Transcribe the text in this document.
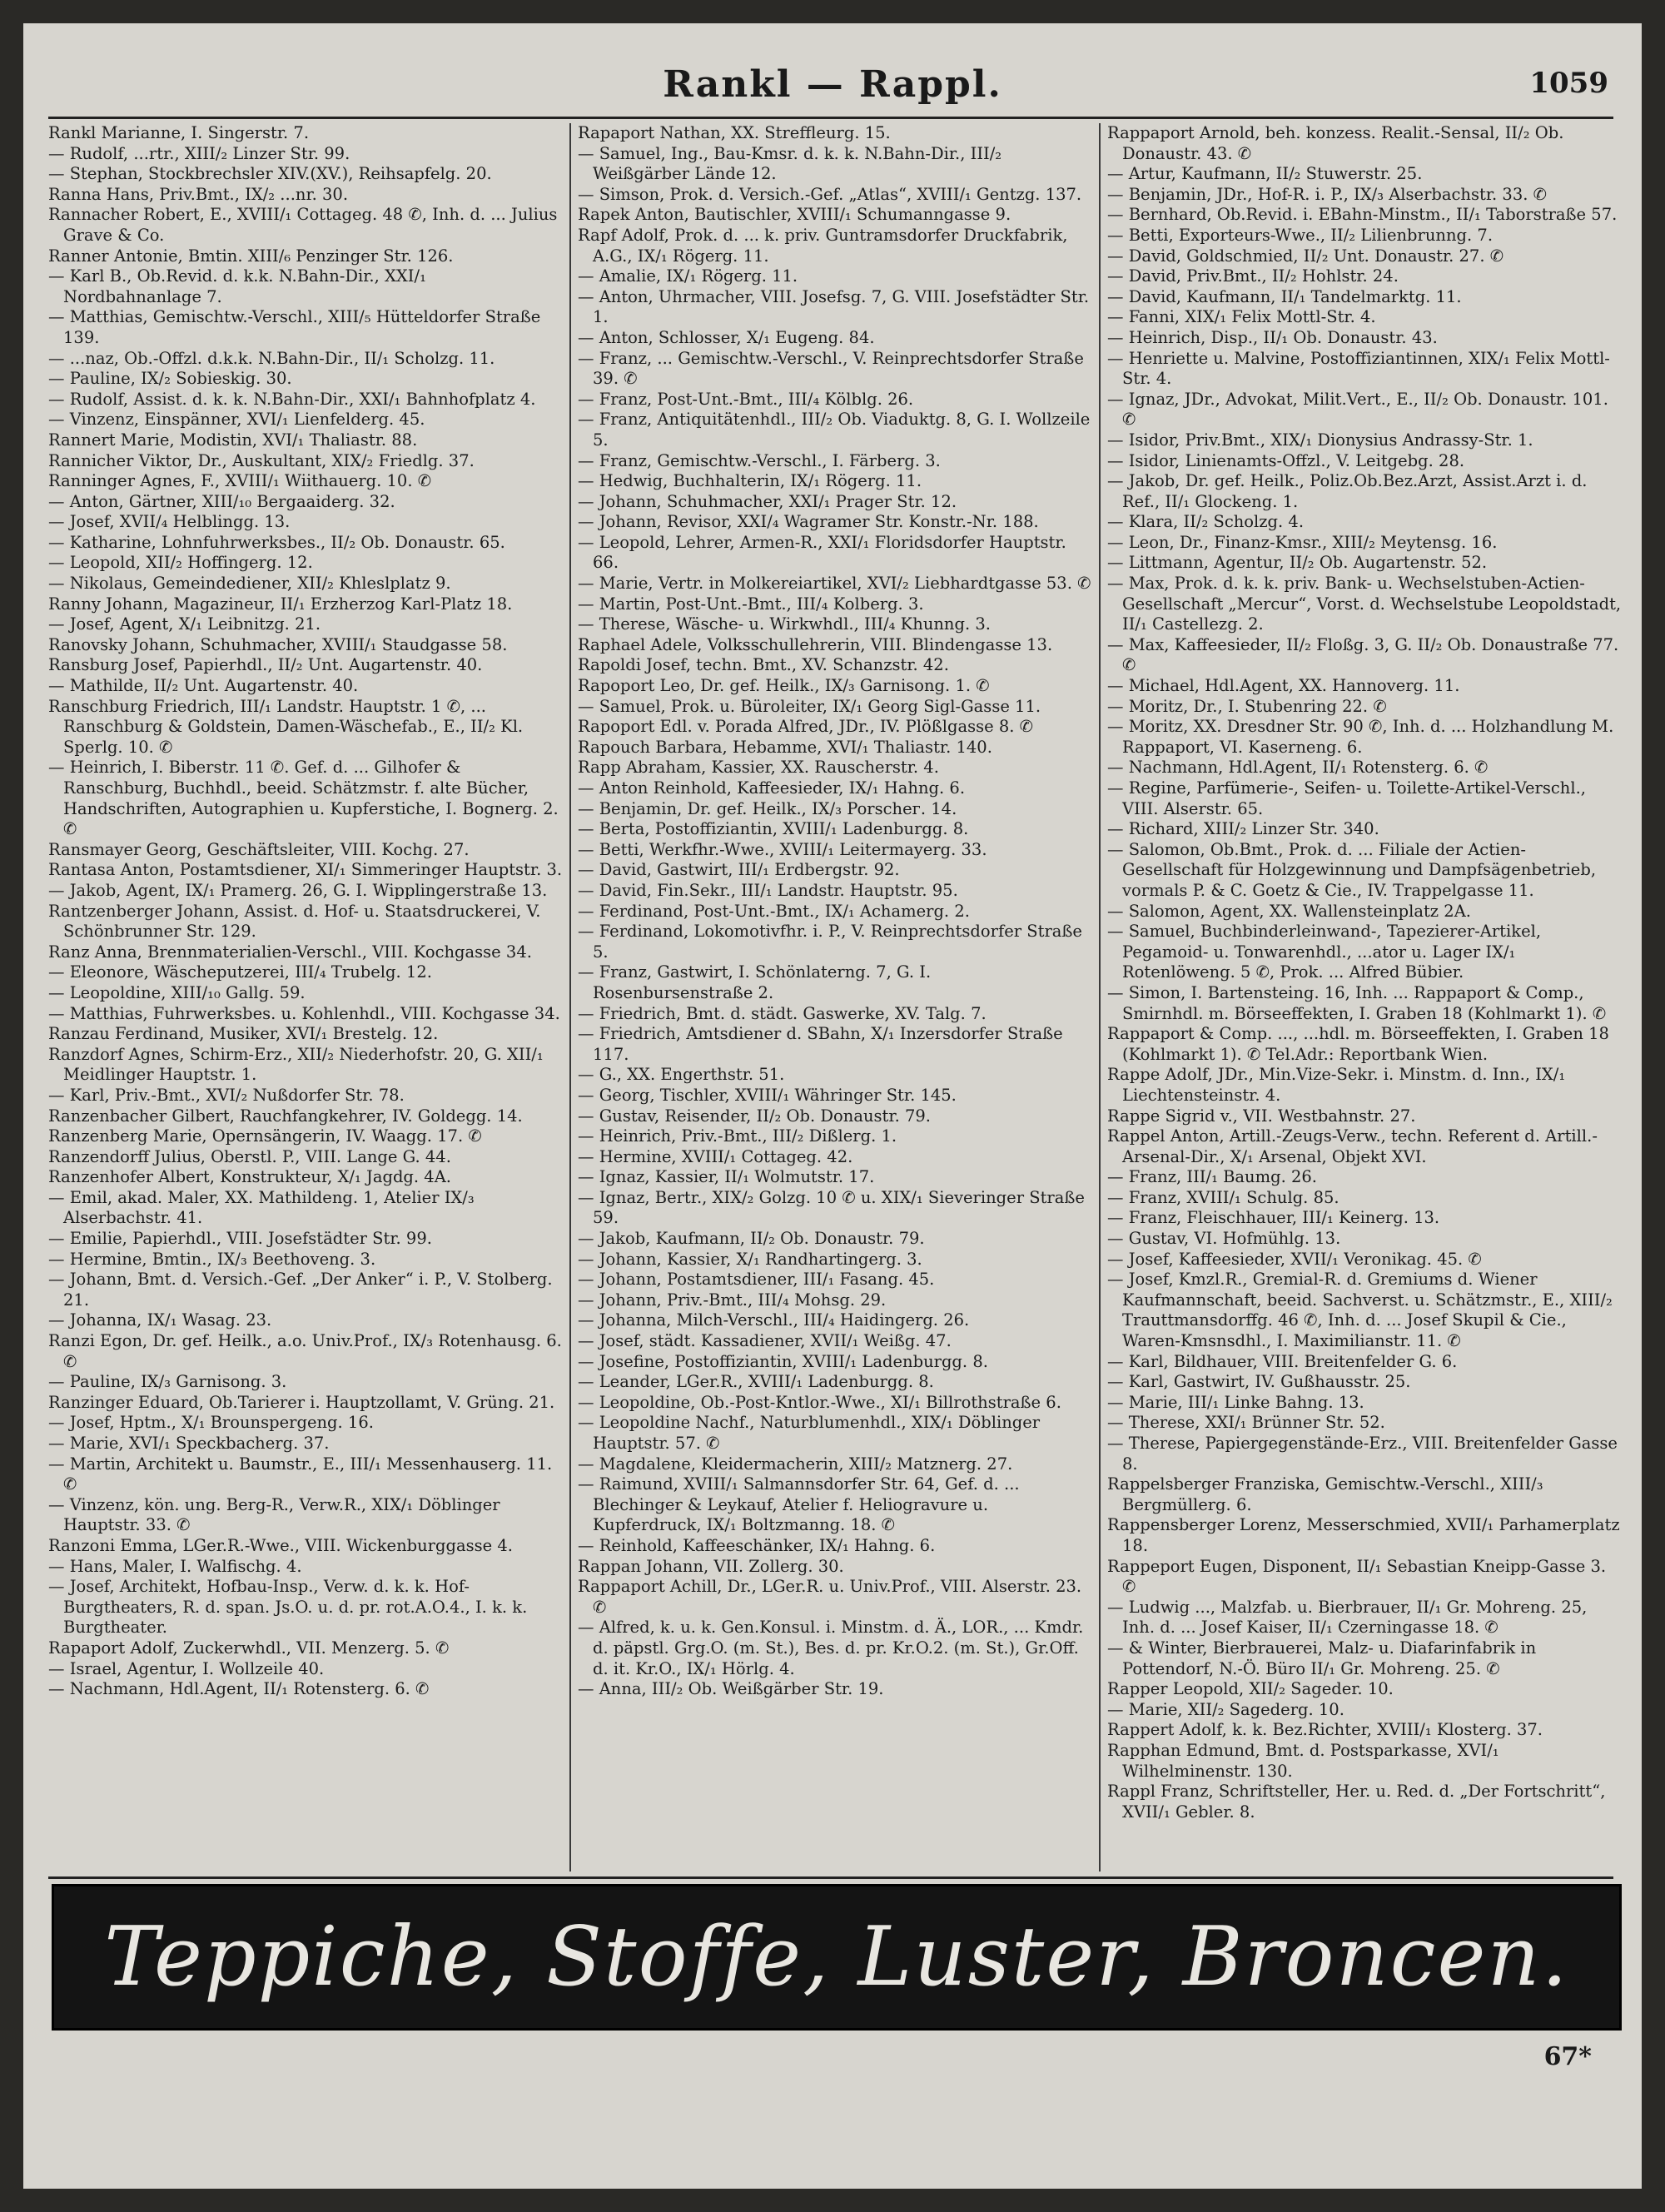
Rankl — Rappl.	1059
Rankl Marianne, I. Singerstr. 7.
— Rudolf, ...rtr., XIII/₂ Linzer Str. 99.
— Stephan, Stockbrechsler XIV.(XV.), Reihsapfelg. 20.
Ranna Hans, Priv.Bmt., IX/₂ ...nr. 30.
Rannacher Robert, E., XVIII/₁ Cottageg. 48 ✆, Inh. d. ... Julius Grave & Co.
Ranner Antonie, Bmtin. XIII/₆ Penzinger Str. 126.
— Karl B., Ob.Revid. d. k.k. N.Bahn-Dir., XXI/₁ Nordbahnanlage 7.
— Matthias, Gemischtw.-Verschl., XIII/₅ Hütteldorfer Straße 139.
— ...naz, Ob.-Offzl. d.k.k. N.Bahn-Dir., II/₁ Scholzg. 11.
— Pauline, IX/₂ Sobieskig. 30.
— Rudolf, Assist. d. k. k. N.Bahn-Dir., XXI/₁ Bahnhofplatz 4.
— Vinzenz, Einspänner, XVI/₁ Lienfelderg. 45.
Rannert Marie, Modistin, XVI/₁ Thaliastr. 88.
Rannicher Viktor, Dr., Auskultant, XIX/₂ Friedlg. 37.
Ranninger Agnes, F., XVIII/₁ Wiithauerg. 10. ✆
— Anton, Gärtner, XIII/₁₀ Bergaaiderg. 32.
— Josef, XVII/₄ Helblingg. 13.
— Katharine, Lohnfuhrwerksbes., II/₂ Ob. Donaustr. 65.
— Leopold, XII/₂ Hoffingerg. 12.
— Nikolaus, Gemeindediener, XII/₂ Khleslplatz 9.
Ranny Johann, Magazineur, II/₁ Erzherzog Karl-Platz 18.
— Josef, Agent, X/₁ Leibnitzg. 21.
Ranovsky Johann, Schuhmacher, XVIII/₁ Staudgasse 58.
Ransburg Josef, Papierhdl., II/₂ Unt. Augartenstr. 40.
— Mathilde, II/₂ Unt. Augartenstr. 40.
Ranschburg Friedrich, III/₁ Landstr. Hauptstr. 1 ✆, ... Ranschburg & Goldstein, Damen-Wäschefab., E., II/₂ Kl. Sperlg. 10. ✆
— Heinrich, I. Biberstr. 11 ✆. Gef. d. ... Gilhofer & Ranschburg, Buchhdl., beeid. Schätzmstr. f. alte Bücher, Handschriften, Autographien u. Kupferstiche, I. Bognerg. 2. ✆
Ransmayer Georg, Geschäftsleiter, VIII. Kochg. 27.
Rantasa Anton, Postamtsdiener, XI/₁ Simmeringer Hauptstr. 3.
— Jakob, Agent, IX/₁ Pramerg. 26, G. I. Wipplingerstraße 13.
Rantzenberger Johann, Assist. d. Hof- u. Staatsdruckerei, V. Schönbrunner Str. 129.
Ranz Anna, Brennmaterialien-Verschl., VIII. Kochgasse 34.
— Eleonore, Wäscheputzerei, III/₄ Trubelg. 12.
— Leopoldine, XIII/₁₀ Gallg. 59.
— Matthias, Fuhrwerksbes. u. Kohlenhdl., VIII. Kochgasse 34.
Ranzau Ferdinand, Musiker, XVI/₁ Brestelg. 12.
Ranzdorf Agnes, Schirm-Erz., XII/₂ Niederhofstr. 20, G. XII/₁ Meidlinger Hauptstr. 1.
— Karl, Priv.-Bmt., XVI/₂ Nußdorfer Str. 78.
Ranzenbacher Gilbert, Rauchfangkehrer, IV. Goldegg. 14.
Ranzenberg Marie, Opernsängerin, IV. Waagg. 17. ✆
Ranzendorff Julius, Oberstl. P., VIII. Lange G. 44.
Ranzenhofer Albert, Konstrukteur, X/₁ Jagdg. 4A.
— Emil, akad. Maler, XX. Mathildeng. 1, Atelier IX/₃ Alserbachstr. 41.
— Emilie, Papierhdl., VIII. Josefstädter Str. 99.
— Hermine, Bmtin., IX/₃ Beethoveng. 3.
— Johann, Bmt. d. Versich.-Gef. „Der Anker“ i. P., V. Stolberg. 21.
— Johanna, IX/₁ Wasag. 23.
Ranzi Egon, Dr. gef. Heilk., a.o. Univ.Prof., IX/₃ Rotenhausg. 6. ✆
— Pauline, IX/₃ Garnisong. 3.
Ranzinger Eduard, Ob.Tarierer i. Hauptzollamt, V. Grüng. 21.
— Josef, Hptm., X/₁ Brounspergeng. 16.
— Marie, XVI/₁ Speckbacherg. 37.
— Martin, Architekt u. Baumstr., E., III/₁ Messenhauserg. 11. ✆
— Vinzenz, kön. ung. Berg-R., Verw.R., XIX/₁ Döblinger Hauptstr. 33. ✆
Ranzoni Emma, LGer.R.-Wwe., VIII. Wickenburggasse 4.
— Hans, Maler, I. Walfischg. 4.
— Josef, Architekt, Hofbau-Insp., Verw. d. k. k. Hof-Burgtheaters, R. d. span. Js.O. u. d. pr. rot.A.O.4., I. k. k. Burgtheater.
Rapaport Adolf, Zuckerwhdl., VII. Menzerg. 5. ✆
— Israel, Agentur, I. Wollzeile 40.
— Nachmann, Hdl.Agent, II/₁ Rotensterg. 6. ✆
Rapaport Nathan, XX. Streffleurg. 15.
— Samuel, Ing., Bau-Kmsr. d. k. k. N.Bahn-Dir., III/₂ Weißgärber Lände 12.
— Simson, Prok. d. Versich.-Gef. „Atlas“, XVIII/₁ Gentzg. 137.
Rapek Anton, Bautischler, XVIII/₁ Schumanngasse 9.
Rapf Adolf, Prok. d. ... k. priv. Guntramsdorfer Druckfabrik, A.G., IX/₁ Rögerg. 11.
— Amalie, IX/₁ Rögerg. 11.
— Anton, Uhrmacher, VIII. Josefsg. 7, G. VIII. Josefstädter Str. 1.
— Anton, Schlosser, X/₁ Eugeng. 84.
— Franz, ... Gemischtw.-Verschl., V. Reinprechtsdorfer Straße 39. ✆
— Franz, Post-Unt.-Bmt., III/₄ Kölblg. 26.
— Franz, Antiquitätenhdl., III/₂ Ob. Viaduktg. 8, G. I. Wollzeile 5.
— Franz, Gemischtw.-Verschl., I. Färberg. 3.
— Hedwig, Buchhalterin, IX/₁ Rögerg. 11.
— Johann, Schuhmacher, XXI/₁ Prager Str. 12.
— Johann, Revisor, XXI/₄ Wagramer Str. Konstr.-Nr. 188.
— Leopold, Lehrer, Armen-R., XXI/₁ Floridsdorfer Hauptstr. 66.
— Marie, Vertr. in Molkereiartikel, XVI/₂ Liebhardtgasse 53. ✆
— Martin, Post-Unt.-Bmt., III/₄ Kolberg. 3.
— Therese, Wäsche- u. Wirkwhdl., III/₄ Khunng. 3.
Raphael Adele, Volksschullehrerin, VIII. Blindengasse 13.
Rapoldi Josef, techn. Bmt., XV. Schanzstr. 42.
Rapoport Leo, Dr. gef. Heilk., IX/₃ Garnisong. 1. ✆
— Samuel, Prok. u. Büroleiter, IX/₁ Georg Sigl-Gasse 11.
Rapoport Edl. v. Porada Alfred, JDr., IV. Plößlgasse 8. ✆
Rapouch Barbara, Hebamme, XVI/₁ Thaliastr. 140.
Rapp Abraham, Kassier, XX. Rauscherstr. 4.
— Anton Reinhold, Kaffeesieder, IX/₁ Hahng. 6.
— Benjamin, Dr. gef. Heilk., IX/₃ Porschег. 14.
— Berta, Postoffiziantin, XVIII/₁ Ladenburgg. 8.
— Betti, Werkfhr.-Wwe., XVIII/₁ Leitermayerg. 33.
— David, Gastwirt, III/₁ Erdbergstr. 92.
— David, Fin.Sekr., III/₁ Landstr. Hauptstr. 95.
— Ferdinand, Post-Unt.-Bmt., IX/₁ Achamerg. 2.
— Ferdinand, Lokomotivfhr. i. P., V. Reinprechtsdorfer Straße 5.
— Franz, Gastwirt, I. Schönlaterng. 7, G. I. Rosenbursenstraße 2.
— Friedrich, Bmt. d. städt. Gaswerke, XV. Talg. 7.
— Friedrich, Amtsdiener d. SBahn, X/₁ Inzersdorfer Straße 117.
— G., XX. Engerthstr. 51.
— Georg, Tischler, XVIII/₁ Währinger Str. 145.
— Gustav, Reisender, II/₂ Ob. Donaustr. 79.
— Heinrich, Priv.-Bmt., III/₂ Dißlerg. 1.
— Hermine, XVIII/₁ Cottageg. 42.
— Ignaz, Kassier, II/₁ Wolmutstr. 17.
— Ignaz, Bertr., XIX/₂ Golzg. 10 ✆ u. XIX/₁ Sieveringer Straße 59.
— Jakob, Kaufmann, II/₂ Ob. Donaustr. 79.
— Johann, Kassier, X/₁ Randhartingerg. 3.
— Johann, Postamtsdiener, III/₁ Fasang. 45.
— Johann, Priv.-Bmt., III/₄ Mohsg. 29.
— Johanna, Milch-Verschl., III/₄ Haidingerg. 26.
— Josef, städt. Kassadiener, XVII/₁ Weißg. 47.
— Josefine, Postoffiziantin, XVIII/₁ Ladenburgg. 8.
— Leander, LGer.R., XVIII/₁ Ladenburgg. 8.
— Leopoldine, Ob.-Post-Kntlor.-Wwe., XI/₁ Billrothstraße 6.
— Leopoldine Nachf., Naturblumenhdl., XIX/₁ Döblinger Hauptstr. 57. ✆
— Magdalene, Kleidermacherin, XIII/₂ Matznerg. 27.
— Raimund, XVIII/₁ Salmannsdorfer Str. 64, Gef. d. ... Blechinger & Leykauf, Atelier f. Heliogravure u. Kupferdruck, IX/₁ Boltzmanng. 18. ✆
— Reinhold, Kaffeeschänker, IX/₁ Hahng. 6.
Rappan Johann, VII. Zollerg. 30.
Rappaport Achill, Dr., LGer.R. u. Univ.Prof., VIII. Alserstr. 23. ✆
— Alfred, k. u. k. Gen.Konsul. i. Minstm. d. Ä., LOR., ... Kmdr. d. päpstl. Grg.O. (m. St.), Bes. d. pr. Kr.O.2. (m. St.), Gr.Off. d. it. Kr.O., IX/₁ Hörlg. 4.
— Anna, III/₂ Ob. Weißgärber Str. 19.
Rappaport Arnold, beh. konzess. Realit.-Sensal, II/₂ Ob. Donaustr. 43. ✆
— Artur, Kaufmann, II/₂ Stuwerstr. 25.
— Benjamin, JDr., Hof-R. i. P., IX/₃ Alserbachstr. 33. ✆
— Bernhard, Ob.Revid. i. EBahn-Minstm., II/₁ Taborstraße 57.
— Betti, Exporteurs-Wwe., II/₂ Lilienbrunng. 7.
— David, Goldschmied, II/₂ Unt. Donaustr. 27. ✆
— David, Priv.Bmt., II/₂ Hohlstr. 24.
— David, Kaufmann, II/₁ Tandelmarktg. 11.
— Fanni, XIX/₁ Felix Mottl-Str. 4.
— Heinrich, Disp., II/₁ Ob. Donaustr. 43.
— Henriette u. Malvine, Postoffiziantinnen, XIX/₁ Felix Mottl-Str. 4.
— Ignaz, JDr., Advokat, Milit.Vert., E., II/₂ Ob. Donaustr. 101. ✆
— Isidor, Priv.Bmt., XIX/₁ Dionysius Andrassy-Str. 1.
— Isidor, Linienamts-Offzl., V. Leitgebg. 28.
— Jakob, Dr. gef. Heilk., Poliz.Ob.Bez.Arzt, Assist.Arzt i. d. Ref., II/₁ Glockeng. 1.
— Klara, II/₂ Scholzg. 4.
— Leon, Dr., Finanz-Kmsr., XIII/₂ Meytensg. 16.
— Littmann, Agentur, II/₂ Ob. Augartenstr. 52.
— Max, Prok. d. k. k. priv. Bank- u. Wechselstuben-Actien-Gesellschaft „Mercur“, Vorst. d. Wechselstube Leopoldstadt, II/₁ Castellezg. 2.
— Max, Kaffeesieder, II/₂ Floßg. 3, G. II/₂ Ob. Donaustraße 77. ✆
— Michael, Hdl.Agent, XX. Hannoverg. 11.
— Moritz, Dr., I. Stubenring 22. ✆
— Moritz, XX. Dresdner Str. 90 ✆, Inh. d. ... Holzhandlung M. Rappaport, VI. Kaserneng. 6.
— Nachmann, Hdl.Agent, II/₁ Rotensterg. 6. ✆
— Regine, Parfümerie-, Seifen- u. Toilette-Artikel-Verschl., VIII. Alserstr. 65.
— Richard, XIII/₂ Linzer Str. 340.
— Salomon, Ob.Bmt., Prok. d. ... Filiale der Actien-Gesellschaft für Holzgewinnung und Dampfsägenbetrieb, vormals P. & C. Goetz & Cie., IV. Trappelgasse 11.
— Salomon, Agent, XX. Wallensteinplatz 2A.
— Samuel, Buchbinderleinwand-, Tapezierer-Artikel, Pegamoid- u. Tonwarenhdl., ...ator u. Lager IX/₁ Rotenlöweng. 5 ✆, Prok. ... Alfred Bübier.
— Simon, I. Bartensteing. 16, Inh. ... Rappaport & Comp., Smirnhdl. m. Börseeffekten, I. Graben 18 (Kohlmarkt 1). ✆
Rappaport & Comp. ..., ...hdl. m. Börseeffekten, I. Graben 18 (Kohlmarkt 1). ✆ Tel.Adr.: Reportbank Wien.
Rappe Adolf, JDr., Min.Vize-Sekr. i. Minstm. d. Inn., IX/₁ Liechtensteinstr. 4.
Rappe Sigrid v., VII. Westbahnstr. 27.
Rappel Anton, Artill.-Zeugs-Verw., techn. Referent d. Artill.-Arsenal-Dir., X/₁ Arsenal, Objekt XVI.
— Franz, III/₁ Baumg. 26.
— Franz, XVIII/₁ Schulg. 85.
— Franz, Fleischhauer, III/₁ Keinerg. 13.
— Gustav, VI. Hofmühlg. 13.
— Josef, Kaffeesieder, XVII/₁ Veronikag. 45. ✆
— Josef, Kmzl.R., Gremial-R. d. Gremiums d. Wiener Kaufmannschaft, beeid. Sachverst. u. Schätzmstr., E., XIII/₂ Trauttmansdorffg. 46 ✆, Inh. d. ... Josef Skupil & Cie., Waren-Kmsnsdhl., I. Maximilianstr. 11. ✆
— Karl, Bildhauer, VIII. Breitenfelder G. 6.
— Karl, Gastwirt, IV. Gußhausstr. 25.
— Marie, III/₁ Linke Bahng. 13.
— Therese, XXI/₁ Brünner Str. 52.
— Therese, Papiergegenstände-Erz., VIII. Breitenfelder Gasse 8.
Rappelsberger Franziska, Gemischtw.-Verschl., XIII/₃ Bergmüllerg. 6.
Rappensberger Lorenz, Messerschmied, XVII/₁ Parhamerplatz 18.
Rappeport Eugen, Disponent, II/₁ Sebastian Kneipp-Gasse 3. ✆
— Ludwig ..., Malzfab. u. Bierbrauer, II/₁ Gr. Mohreng. 25, Inh. d. ... Josef Kaiser, II/₁ Czerningasse 18. ✆
— & Winter, Bierbrauerei, Malz- u. Diafarinfabrik in Pottendorf, N.-Ö. Büro II/₁ Gr. Mohreng. 25. ✆
Rapper Leopold, XII/₂ Sageder. 10.
— Marie, XII/₂ Sagederg. 10.
Rappert Adolf, k. k. Bez.Richter, XVIII/₁ Klosterg. 37.
Rapphan Edmund, Bmt. d. Postsparkasse, XVI/₁ Wilhelminenstr. 130.
Rappl Franz, Schriftsteller, Her. u. Red. d. „Der Fortschritt“, XVII/₁ Gebler. 8.
Teppiche, Stoffe, Luster, Broncen.
67*
